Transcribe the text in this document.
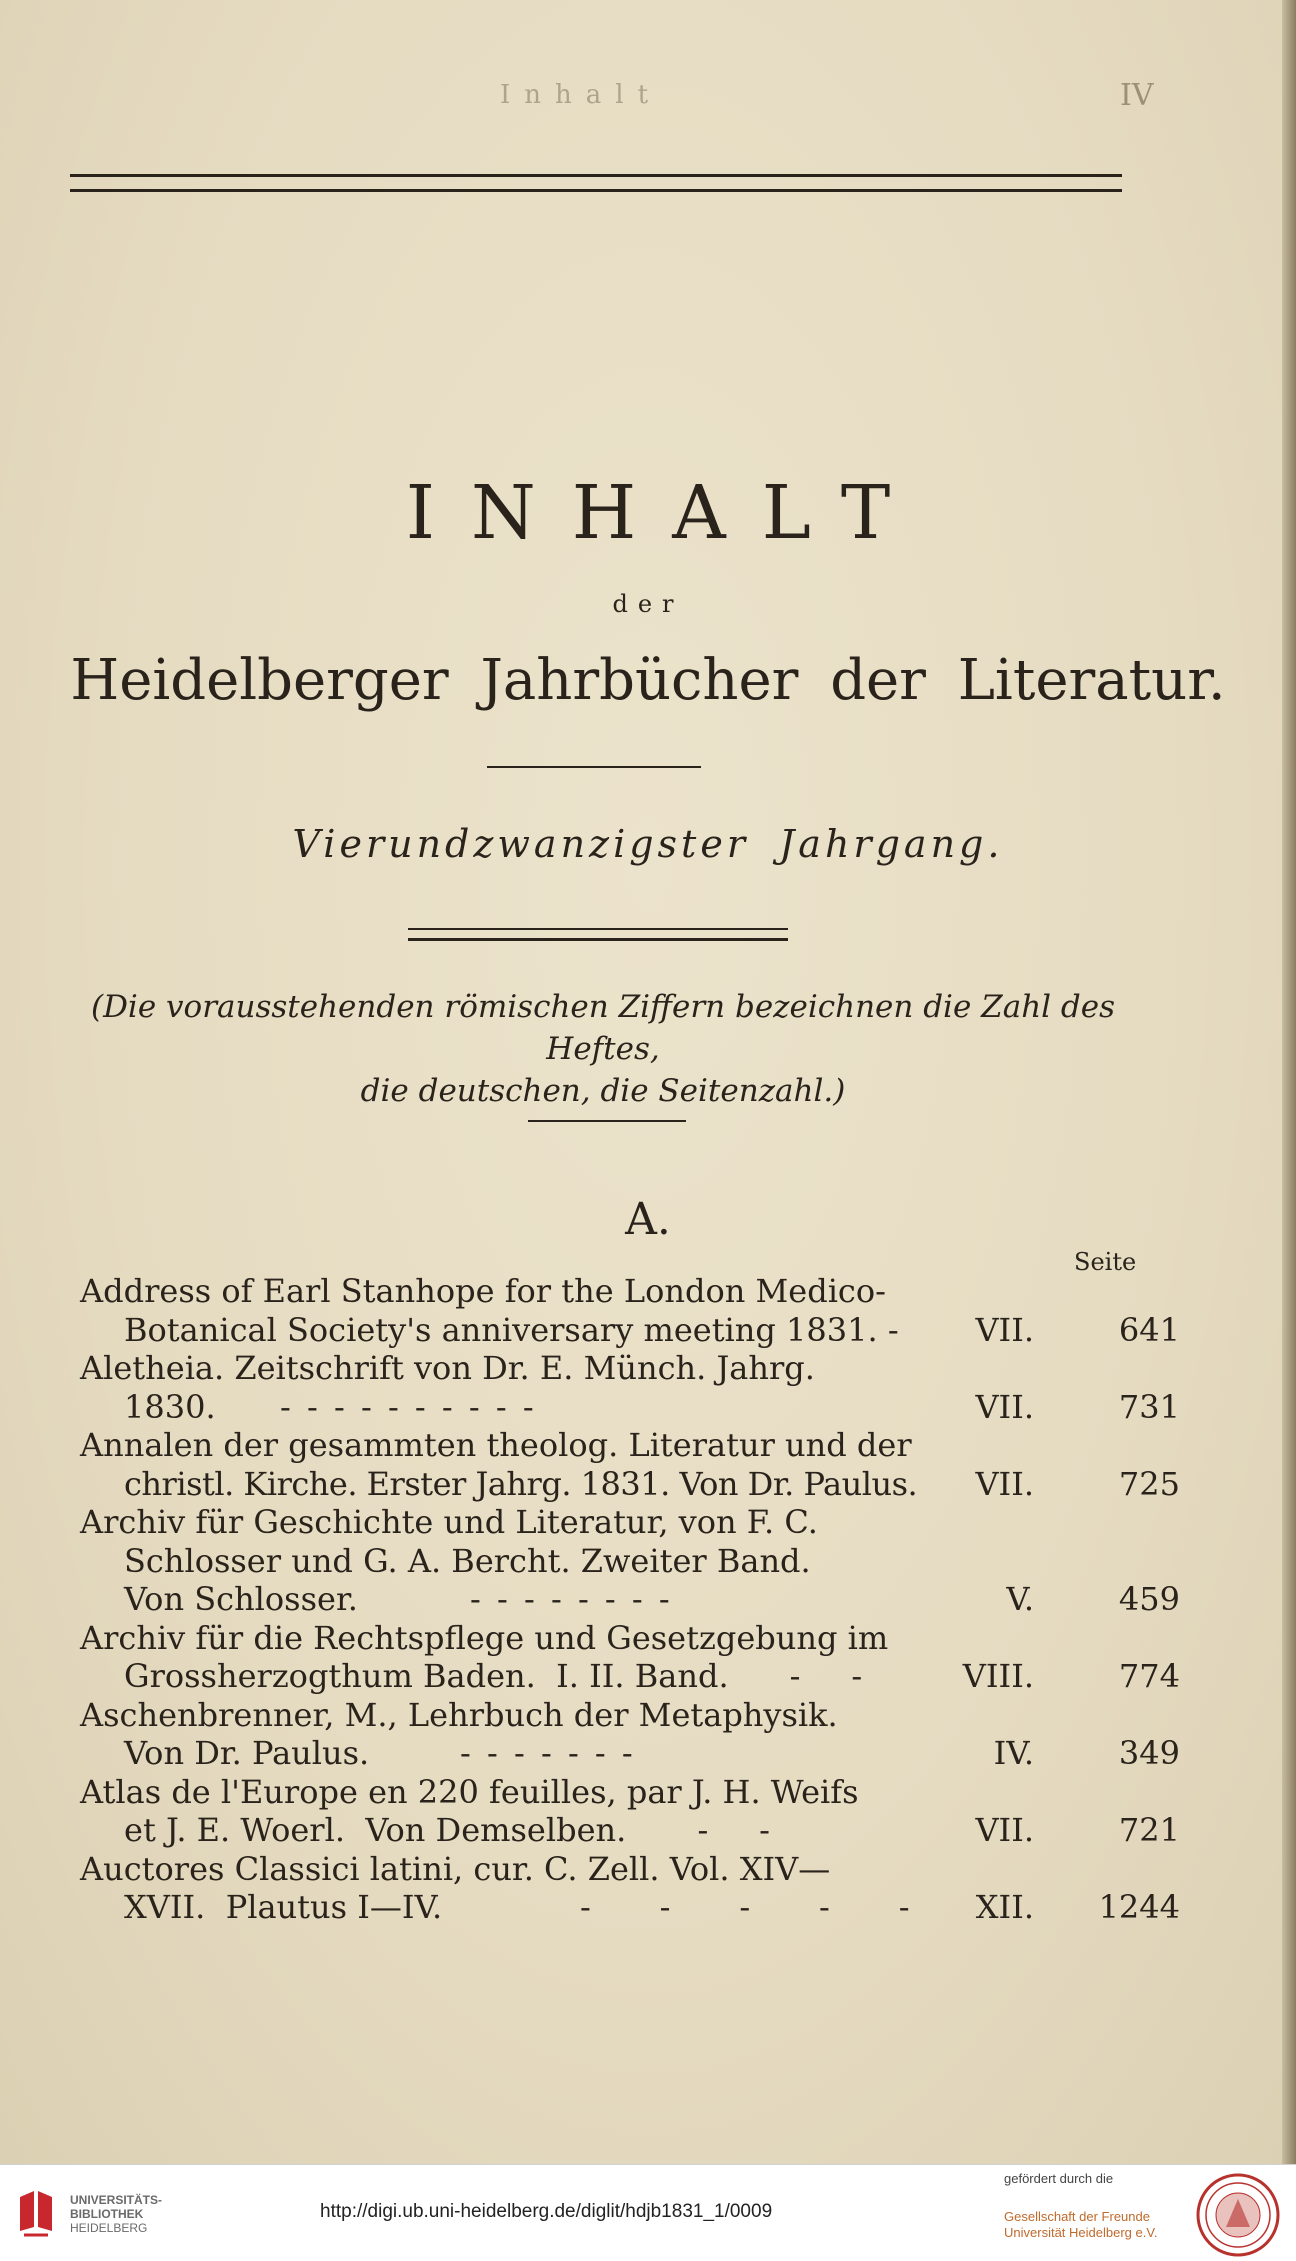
Inhalt	IV
INHALT
der
Heidelberger Jahrbücher der Literatur.
Vierundzwanzigster Jahrgang.
(Die vorausstehenden römischen Ziffern bezeichnen die Zahl des Heftes,
die deutschen, die Seitenzahl.)
A.
Seite
Address of Earl Stanhope for the London Medico-
Botanical Society's anniversary meeting 1831. - VII.	641
Aletheia. Zeitschrift von Dr. E. Münch. Jahrg.
1830. - - - - - - - - - -	VII.	731
Annalen der gesammten theolog. Literatur und der
christl. Kirche. Erster Jahrg. 1831. Von Dr. Paulus. VII.	725
Archiv für Geschichte und Literatur, von F. C.
Schlosser und G. A. Bercht. Zweiter Band.
Von Schlosser.	- - - - - - - -	V.	459
Archiv für die Rechtspflege und Gesetzgebung im
Grossherzogthum Baden.  I. II. Band.      -     -	VIII.	774
Aschenbrenner, M., Lehrbuch der Metaphysik.
Von Dr. Paulus.	- - - - - - -	IV.	349
Atlas de l'Europe en 220 feuilles, par J. H. Weifs
et J. E. Woerl.  Von Demselben.       -     -	VII.	721
Auctores Classici latini, cur. C. Zell. Vol. XIV—
XVII.  Plautus I—IV.	-     -     -     -     - XII.	1244
UNIVERSITÄTS-
BIBLIOTHEK
HEIDELBERG
http://digi.ub.uni-heidelberg.de/diglit/hdjb1831_1/0009
gefördert durch die
Gesellschaft der Freunde
Universität Heidelberg e.V.
